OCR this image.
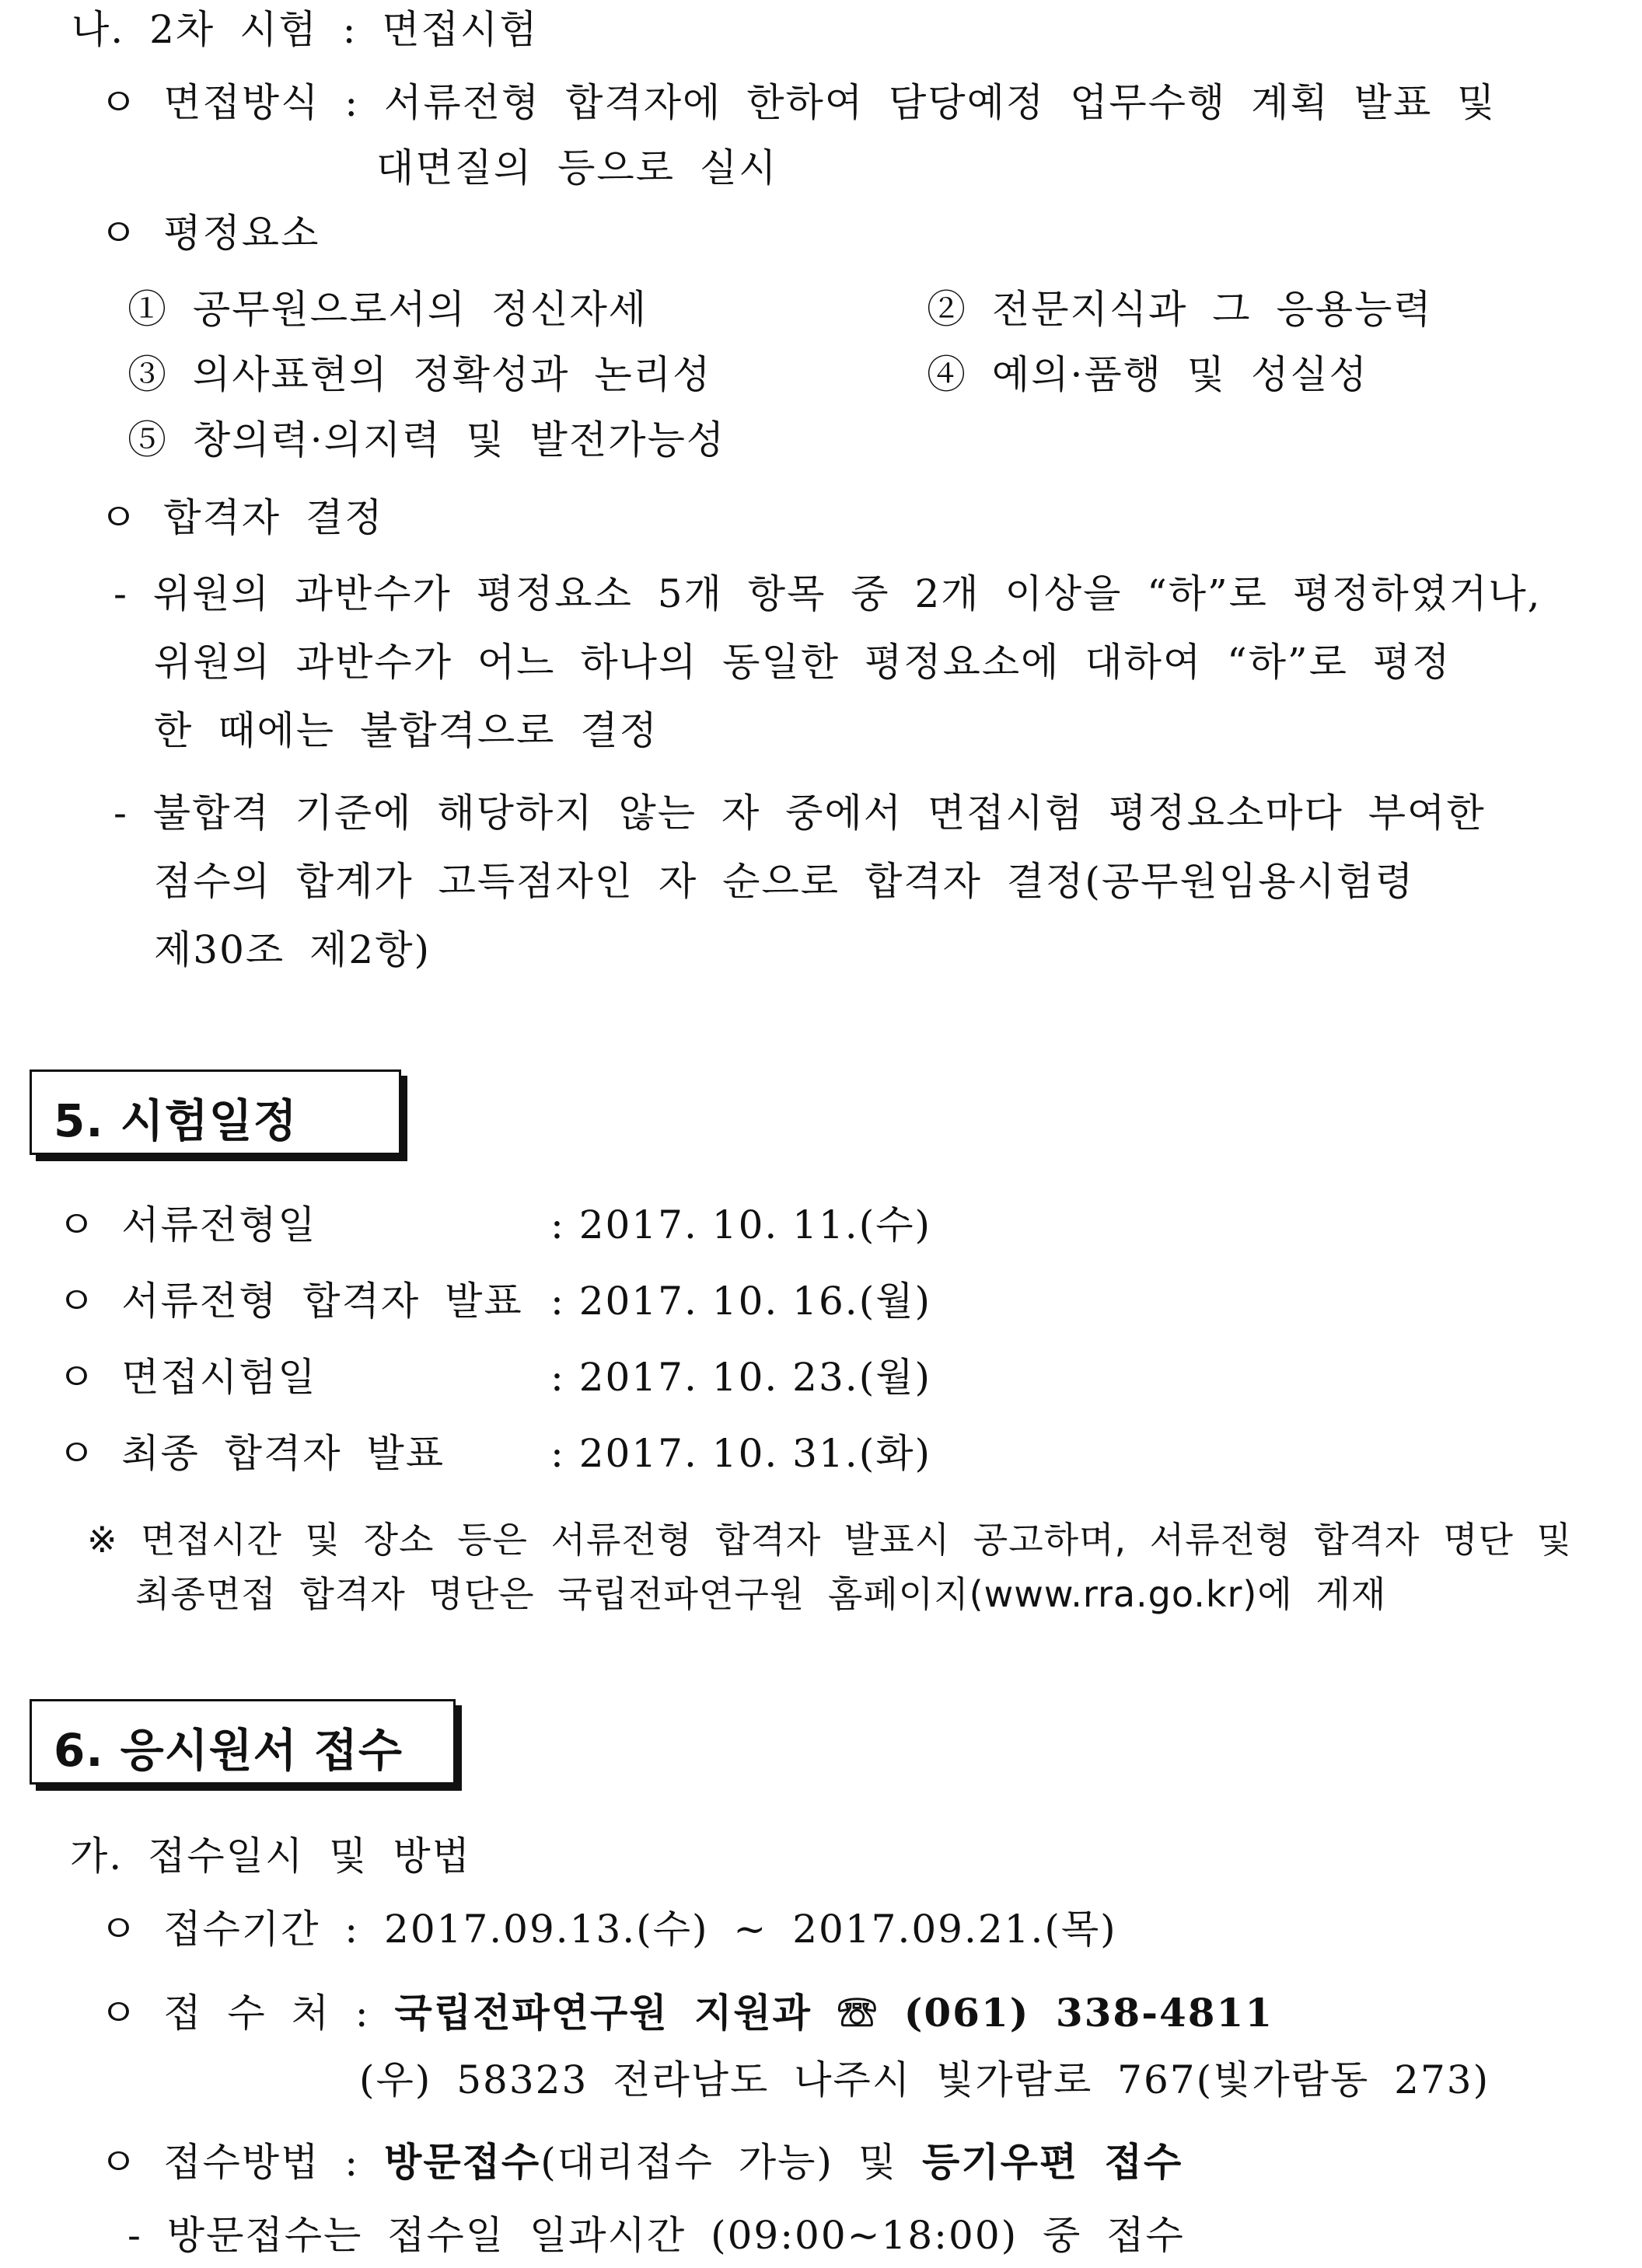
나. 2차 시험 : 면접시험
ㅇ 면접방식 : 서류전형 합격자에 한하여 담당예정 업무수행 계획 발표 및
대면질의 등으로 실시
ㅇ 평정요소
① 공무원으로서의 정신자세	② 전문지식과 그 응용능력
③ 의사표현의 정확성과 논리성	④ 예의·품행 및 성실성
⑤ 창의력·의지력 및 발전가능성
ㅇ 합격자 결정
- 위원의 과반수가 평정요소 5개 항목 중 2개 이상을 “하”로 평정하였거나,
위원의 과반수가 어느 하나의 동일한 평정요소에 대하여 “하”로 평정
한 때에는 불합격으로 결정
- 불합격 기준에 해당하지 않는 자 중에서 면접시험 평정요소마다 부여한
점수의 합계가 고득점자인 자 순으로 합격자 결정(공무원임용시험령
제30조 제2항)
5. 시험일정
ㅇ 서류전형일	: 2017. 10. 11.(수)
ㅇ 서류전형 합격자 발표 : 2017. 10. 16.(월)
ㅇ 면접시험일	: 2017. 10. 23.(월)
ㅇ 최종 합격자 발표	: 2017. 10. 31.(화)
※ 면접시간 및 장소 등은 서류전형 합격자 발표시 공고하며, 서류전형 합격자 명단 및
최종면접 합격자 명단은 국립전파연구원 홈페이지(www.rra.go.kr)에 게재
6. 응시원서 접수
가. 접수일시 및 방법
ㅇ 접수기간 : 2017.09.13.(수) ~ 2017.09.21.(목)
ㅇ 접 수 처 : 국립전파연구원 지원과 ☏ (061) 338-4811
(우) 58323 전라남도 나주시 빛가람로 767(빛가람동 273)
ㅇ 접수방법 : 방문접수(대리접수 가능) 및 등기우편 접수
- 방문접수는 접수일 일과시간 (09:00~18:00) 중 접수
